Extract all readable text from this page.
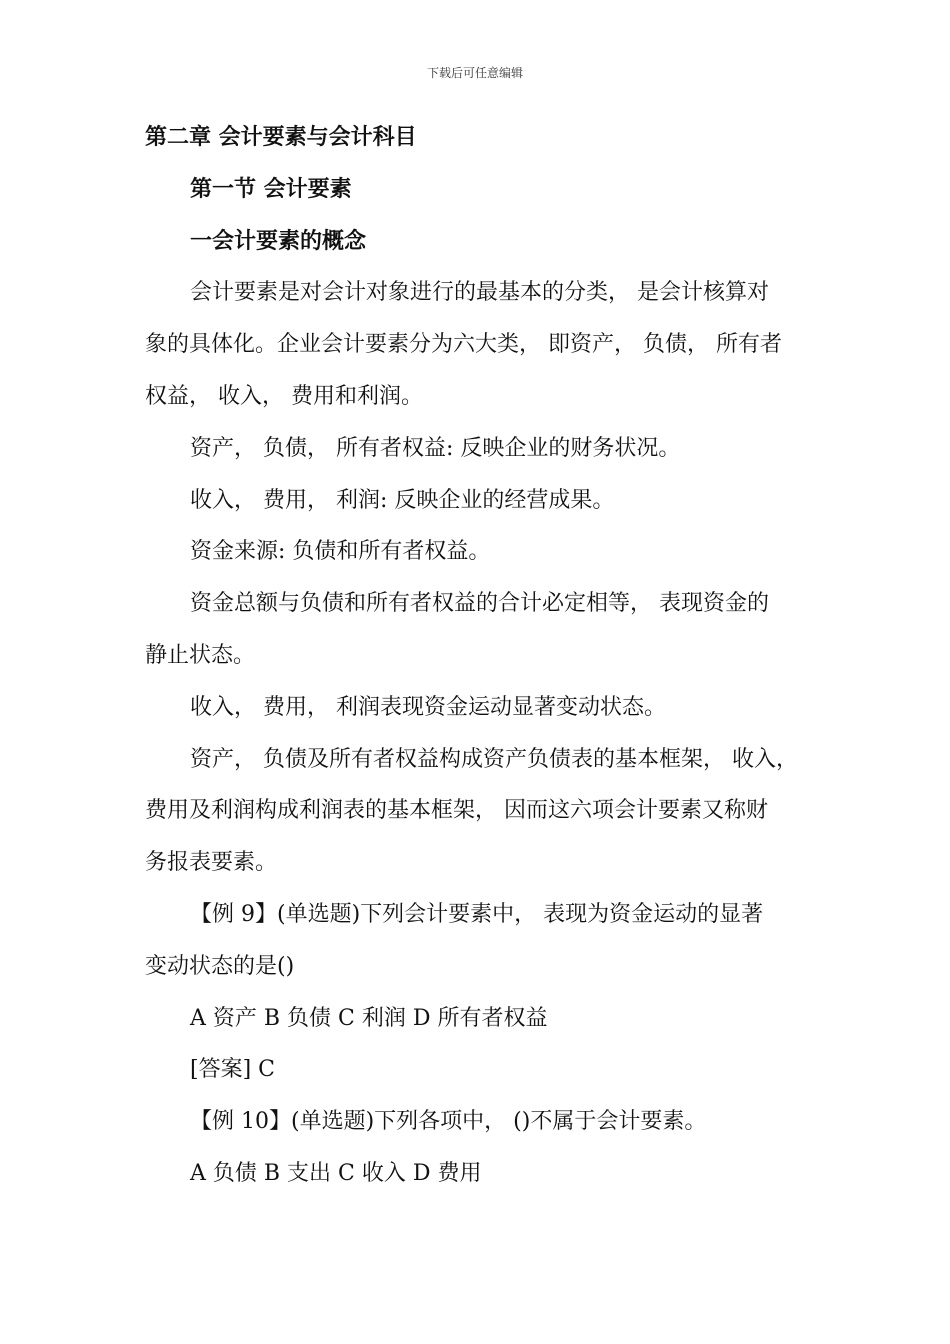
下载后可任意编辑
第二章 会计要素与会计科目
第一节 会计要素
一会计要素的概念
会计要素是对会计对象进行的最基本的分类， 是会计核算对
象的具体化。企业会计要素分为六大类， 即资产， 负债， 所有者
权益， 收入， 费用和利润。
资产， 负债， 所有者权益: 反映企业的财务状况。
收入， 费用， 利润: 反映企业的经营成果。
资金来源: 负债和所有者权益。
资金总额与负债和所有者权益的合计必定相等， 表现资金的
静止状态。
收入， 费用， 利润表现资金运动显著变动状态。
资产， 负债及所有者权益构成资产负债表的基本框架， 收入，
费用及利润构成利润表的基本框架， 因而这六项会计要素又称财
务报表要素。
【例 9】(单选题)下列会计要素中， 表现为资金运动的显著
变动状态的是()
A 资产 B 负债 C 利润 D 所有者权益
[答案] C
【例 10】(单选题)下列各项中， ()不属于会计要素。
A 负债 B 支出 C 收入 D 费用
